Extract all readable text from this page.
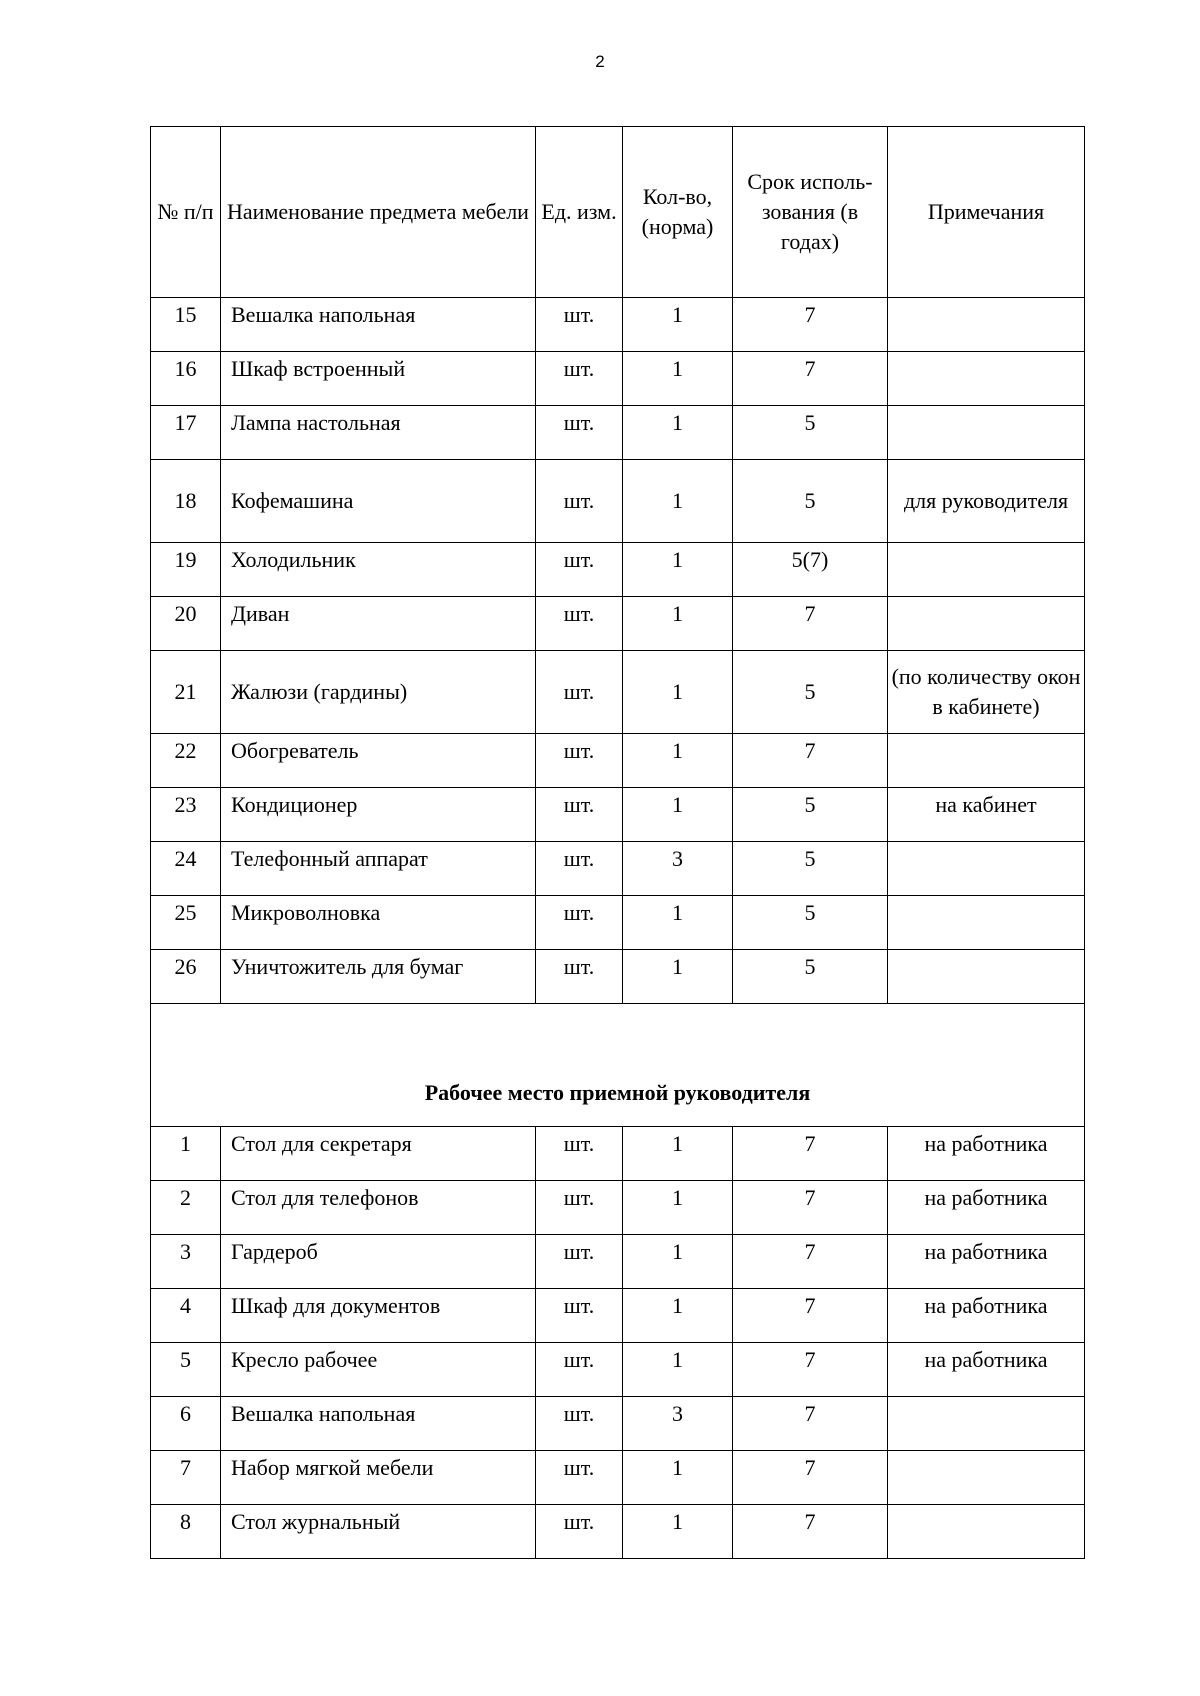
2
№ п/п	Наименование предмета мебели	Ед. изм.	Кол-во, (норма)	Срок исполь- зования (в годах)	Примечания
15	Вешалка напольная	шт.	1	7	
16	Шкаф встроенный	шт.	1	7	
17	Лампа настольная	шт.	1	5	
18	Кофемашина	шт.	1	5	для руководителя
19	Холодильник	шт.	1	5(7)	
20	Диван	шт.	1	7	
21	Жалюзи (гардины)	шт.	1	5	(по количеству окон в кабинете)
22	Обогреватель	шт.	1	7	
23	Кондиционер	шт.	1	5	на кабинет
24	Телефонный аппарат	шт.	3	5	
25	Микроволновка	шт.	1	5	
26	Уничтожитель для бумаг	шт.	1	5	
Рабочее место приемной руководителя					
1	Стол для секретаря	шт.	1	7	на работника
2	Стол для телефонов	шт.	1	7	на работника
3	Гардероб	шт.	1	7	на работника
4	Шкаф для документов	шт.	1	7	на работника
5	Кресло рабочее	шт.	1	7	на работника
6	Вешалка напольная	шт.	3	7	
7	Набор мягкой мебели	шт.	1	7	
8	Стол журнальный	шт.	1	7	
